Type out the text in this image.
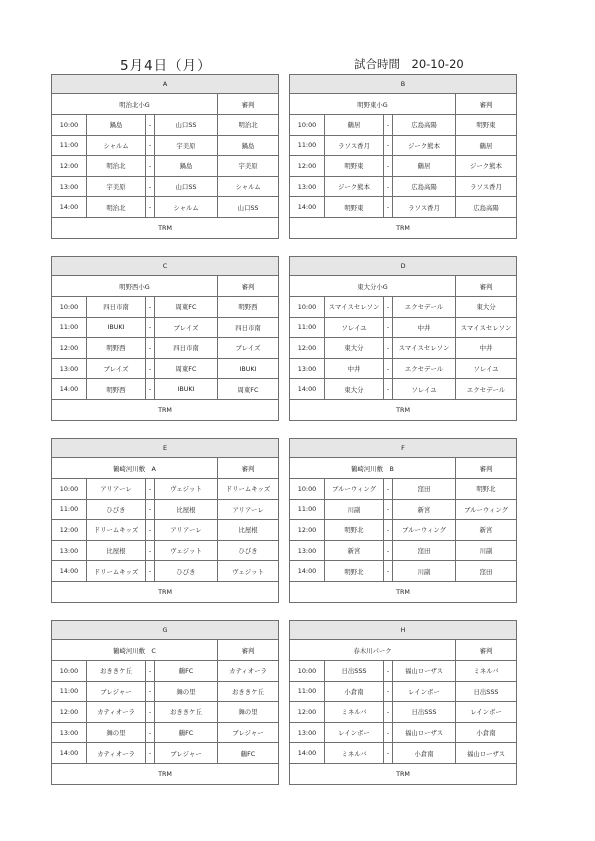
5月4日（月）	試合時間　20-10-20
A				
明治北小G				審判
10:00	鍋島	-	山口SS	明治北
11:00	シャルム	-	宇美原	鍋島
12:00	明治北	-	鍋島	宇美原
13:00	宇美原	-	山口SS	シャルム
14:00	明治北	-	シャルム	山口SS
TRM				
B				
明野東小G				審判
10:00	鶴居	-	広島高陽	明野東
11:00	ラソス香月	-	ジーク熊本	鶴居
12:00	明野東	-	鶴居	ジーク熊本
13:00	ジーク熊本	-	広島高陽	ラソス香月
14:00	明野東	-	ラソス香月	広島高陽
TRM				
C				
明野西小G				審判
10:00	四日市南	-	周東FC	明野西
11:00	IBUKI	-	ブレイズ	四日市南
12:00	明野西	-	四日市南	ブレイズ
13:00	ブレイズ	-	周東FC	IBUKI
14:00	明野西	-	IBUKI	周東FC
TRM				
D				
東大分小G				審判
10:00	スマイスセレソン	-	エクセデール	東大分
11:00	ソレイユ	-	中井	スマイスセレソン
12:00	東大分	-	スマイスセレソン	中井
13:00	中井	-	エクセデール	ソレイユ
14:00	東大分	-	ソレイユ	エクセデール
TRM				
E				
鶴崎河川敷　A				審判
10:00	アリアーレ	-	ヴェジット	ドリームキッズ
11:00	ひびき	-	比屋根	アリアーレ
12:00	ドリームキッズ	-	アリアーレ	比屋根
13:00	比屋根	-	ヴェジット	ひびき
14:00	ドリームキッズ	-	ひびき	ヴェジット
TRM				
F				
鶴崎河川敷　B				審判
10:00	ブルーウィング	-	窪田	明野北
11:00	川副	-	新宮	ブルーウィング
12:00	明野北	-	ブルーウィング	新宮
13:00	新宮	-	窪田	川副
14:00	明野北	-	川副	窪田
TRM				
G				
鶴崎河川敷　C				審判
10:00	おききケ丘	-	鶴FC	カティオーラ
11:00	ブレジャー	-	舞の里	おききケ丘
12:00	カティオーラ	-	おききケ丘	舞の里
13:00	舞の里	-	鶴FC	ブレジャー
14:00	カティオーラ	-	ブレジャー	鶴FC
TRM				
H				
春木川パーク				審判
10:00	日出SSS	-	福山ローザス	ミネルバ
11:00	小倉南	-	レインボー	日出SSS
12:00	ミネルバ	-	日出SSS	レインボー
13:00	レインボー	-	福山ローザス	小倉南
14:00	ミネルバ	-	小倉南	福山ローザス
TRM				
